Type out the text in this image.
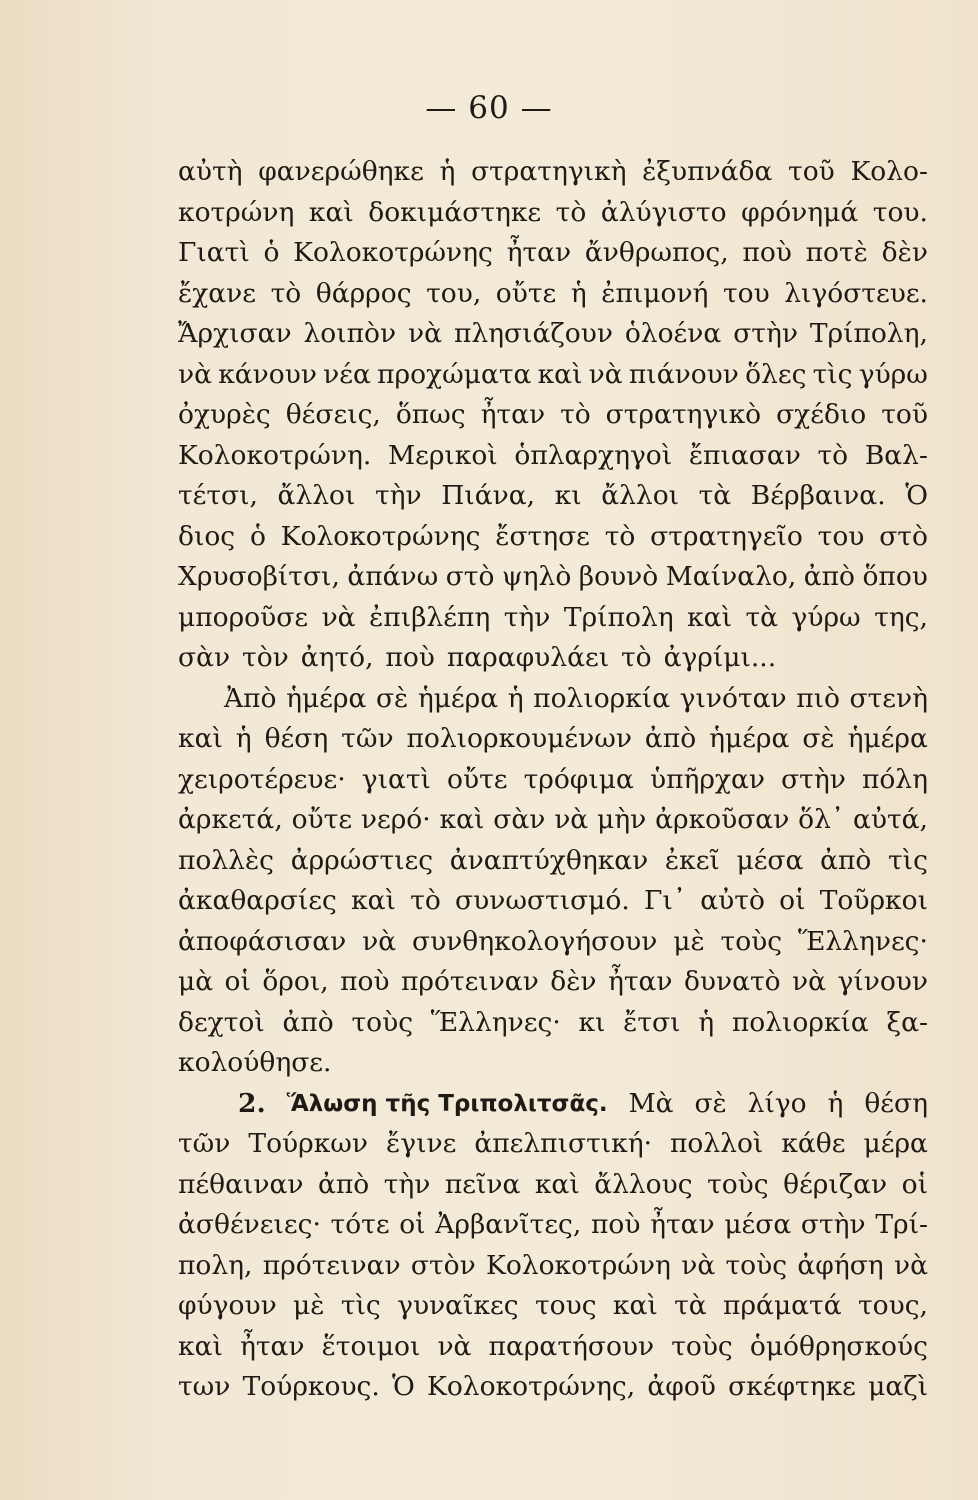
— 60 —
αὐτὴ φανερώθηκε ἡ στρατηγικὴ ἐξυπνάδα τοῦ Κολο-
κοτρώνη καὶ δοκιμάστηκε τὸ ἀλύγιστο φρόνημά του.
Γιατὶ ὁ Κολοκοτρώνης ἦταν ἄνθρωπος, ποὺ ποτὲ δὲν
ἔχανε τὸ θάρρος του, οὔτε ἡ ἐπιμονή του λιγόστευε.
Ἄρχισαν λοιπὸν νὰ πλησιάζουν ὁλοένα στὴν Τρίπολη,
νὰ κάνουν νέα προχώματα καὶ νὰ πιάνουν ὅλες τὶς γύρω
ὀχυρὲς θέσεις, ὅπως ἦταν τὸ στρατηγικὸ σχέδιο τοῦ
Κολοκοτρώνη. Μερικοὶ ὁπλαρχηγοὶ ἔπιασαν τὸ Βαλ-
τέτσι, ἄλλοι τὴν Πιάνα, κι ἄλλοι τὰ Βέρβαινα. Ὁ
διος ὁ Κολοκοτρώνης ἔστησε τὸ στρατηγεῖο του στὸ
Χρυσοβίτσι, ἀπάνω στὸ ψηλὸ βουνὸ Μαίναλο, ἀπὸ ὅπου
μποροῦσε νὰ ἐπιβλέπη τὴν Τρίπολη καὶ τὰ γύρω της,
σὰν τὸν ἀητό, ποὺ παραφυλάει τὸ ἀγρίμι...
Ἀπὸ ἡμέρα σὲ ἡμέρα ἡ πολιορκία γινόταν πιὸ στενὴ
καὶ ἡ θέση τῶν πολιορκουμένων ἀπὸ ἡμέρα σὲ ἡμέρα
χειροτέρευε· γιατὶ οὔτε τρόφιμα ὑπῆρχαν στὴν πόλη
ἀρκετά, οὔτε νερό· καὶ σὰν νὰ μὴν ἀρκοῦσαν ὅλ᾽ αὐτά,
πολλὲς ἀρρώστιες ἀναπτύχθηκαν ἐκεῖ μέσα ἀπὸ τὶς
ἀκαθαρσίες καὶ τὸ συνωστισμό. Γι᾽ αὐτὸ οἱ Τοῦρκοι
ἀποφάσισαν νὰ συνθηκολογήσουν μὲ τοὺς Ἕλληνες·
μὰ οἱ ὅροι, ποὺ πρότειναν δὲν ἦταν δυνατὸ νὰ γίνουν
δεχτοὶ ἀπὸ τοὺς Ἕλληνες· κι ἔτσι ἡ πολιορκία ξα-
κολούθησε.
2. Ἅλωση τῆς Τριπολιτσᾶς. Μὰ σὲ λίγο ἡ θέση
τῶν Τούρκων ἔγινε ἀπελπιστική· πολλοὶ κάθε μέρα
πέθαιναν ἀπὸ τὴν πεῖνα καὶ ἄλλους τοὺς θέριζαν οἱ
ἀσθένειες· τότε οἱ Ἀρβανῖτες, ποὺ ἦταν μέσα στὴν Τρί-
πολη, πρότειναν στὸν Κολοκοτρώνη νὰ τοὺς ἀφήση νὰ
φύγουν μὲ τὶς γυναῖκες τους καὶ τὰ πράματά τους,
καὶ ἦταν ἕτοιμοι νὰ παρατήσουν τοὺς ὁμόθρησκούς
των Τούρκους. Ὁ Κολοκοτρώνης, ἀφοῦ σκέφτηκε μαζὶ
